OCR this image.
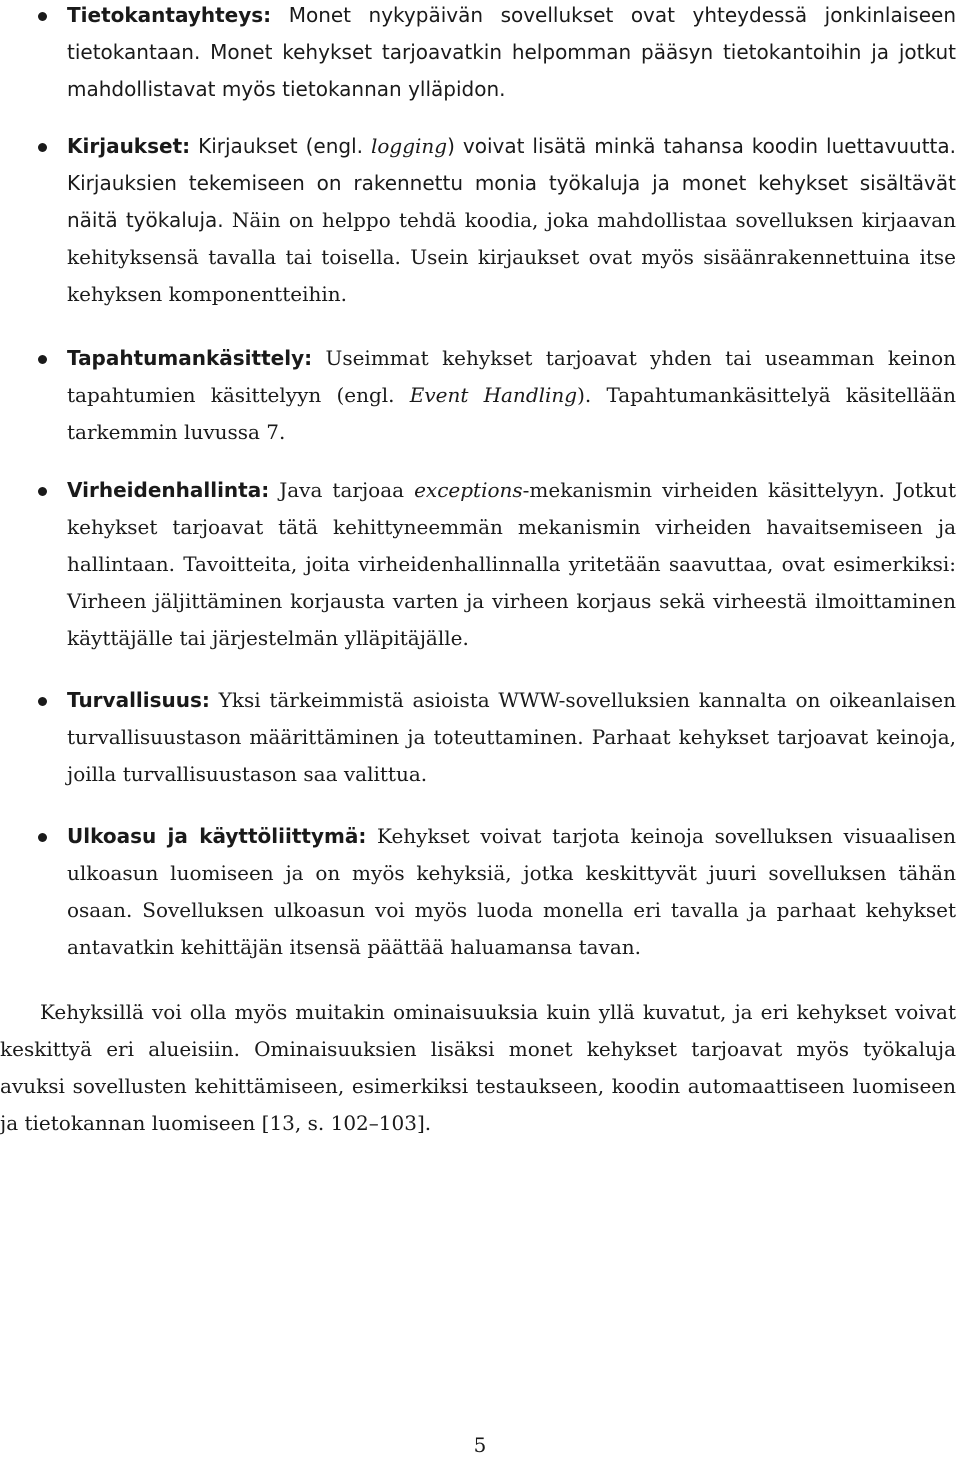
Tietokantayhteys: Monet nykypäivän sovellukset ovat yhteydessä jonkinlaiseen tietokantaan. Monet kehykset tarjoavatkin helpomman pääsyn tietokantoihin ja jotkut mahdollistavat myös tietokannan ylläpidon.
Kirjaukset: Kirjaukset (engl. logging) voivat lisätä minkä tahansa koodin luettavuutta. Kirjauksien tekemiseen on rakennettu monia työkaluja ja monet kehykset sisältävät näitä työkaluja. Näin on helppo tehdä koodia, joka mahdollistaa sovelluksen kirjaavan kehityksensä tavalla tai toisella. Usein kirjaukset ovat myös sisäänrakennettuina itse kehyksen komponentteihin.
Tapahtumankäsittely: Useimmat kehykset tarjoavat yhden tai useamman keinon tapahtumien käsittelyyn (engl. Event Handling). Tapahtumankäsittelyä käsitellään tarkemmin luvussa 7.
Virheidenhallinta: Java tarjoaa exceptions-mekanismin virheiden käsittelyyn. Jotkut kehykset tarjoavat tätä kehittyneemmän mekanismin virheiden havaitsemiseen ja hallintaan. Tavoitteita, joita virheidenhallinnalla yritetään saavuttaa, ovat esimerkiksi: Virheen jäljittäminen korjausta varten ja virheen korjaus sekä virheestä ilmoittaminen käyttäjälle tai järjestelmän ylläpitäjälle.
Turvallisuus: Yksi tärkeimmistä asioista WWW-sovelluksien kannalta on oikeanlaisen turvallisuustason määrittäminen ja toteuttaminen. Parhaat kehykset tarjoavat keinoja, joilla turvallisuustason saa valittua.
Ulkoasu ja käyttöliittymä: Kehykset voivat tarjota keinoja sovelluksen visuaalisen ulkoasun luomiseen ja on myös kehyksiä, jotka keskittyvät juuri sovelluksen tähän osaan. Sovelluksen ulkoasun voi myös luoda monella eri tavalla ja parhaat kehykset antavatkin kehittäjän itsensä päättää haluamansa tavan.

Kehyksillä voi olla myös muitakin ominaisuuksia kuin yllä kuvatut, ja eri kehykset voivat keskittyä eri alueisiin. Ominaisuuksien lisäksi monet kehykset tarjoavat myös työkaluja avuksi sovellusten kehittämiseen, esimerkiksi testaukseen, koodin automaattiseen luomiseen ja tietokannan luomiseen [13, s. 102–103].

5
